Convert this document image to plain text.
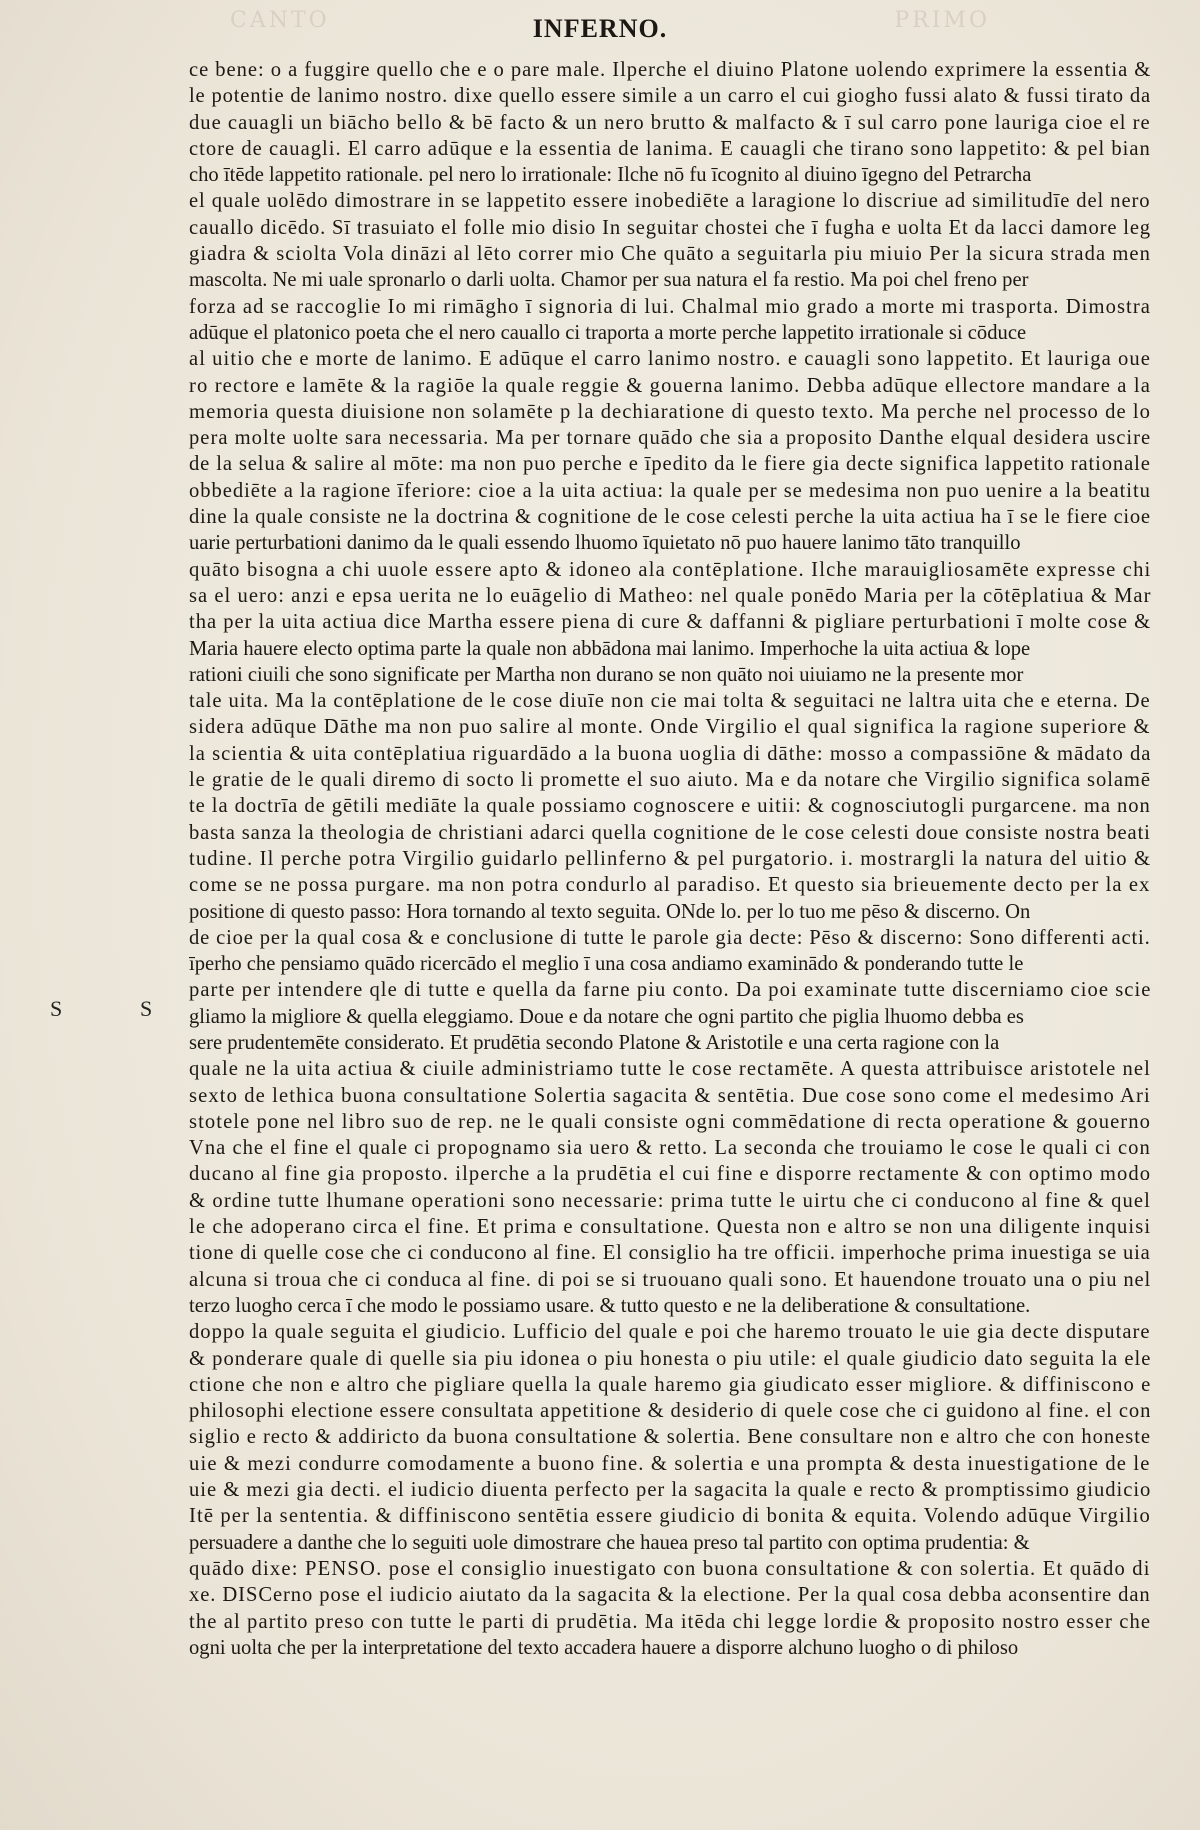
CANTO	PRIMO
INFERNO.
ce bene: o a fuggire quello che e o pare male. Ilperche el diuino Platone uolendo exprimere la essentia &
le potentie de lanimo nostro. dixe quello essere simile a un carro el cui giogho fussi alato & fussi tirato da
due cauagli un biācho bello & bē facto & un nero brutto & malfacto & ī sul carro pone lauriga cioe el re
ctore de cauagli. El carro adūque e la essentia de lanima. E cauagli che tirano sono lappetito: & pel bian
cho ītēde lappetito rationale. pel nero lo irrationale: Ilche nō fu īcognito al diuino īgegno del Petrarcha
el quale uolēdo dimostrare in se lappetito essere inobediēte a laragione lo discriue ad similitudīe del nero
cauallo dicēdo. Sī trasuiato el folle mio disio In seguitar chostei che ī fugha e uolta Et da lacci damore leg
giadra & sciolta Vola dināzi al lēto correr mio Che quāto a seguitarla piu miuio Per la sicura strada men
mascolta. Ne mi uale spronarlo o darli uolta. Chamor per sua natura el fa restio. Ma poi chel freno per
forza ad se raccoglie Io mi rimāgho ī signoria di lui. Chalmal mio grado a morte mi trasporta. Dimostra
adūque el platonico poeta che el nero cauallo ci traporta a morte perche lappetito irrationale si cōduce
al uitio che e morte de lanimo. E adūque el carro lanimo nostro. e cauagli sono lappetito. Et lauriga oue
ro rectore e lamēte & la ragiōe la quale reggie & gouerna lanimo. Debba adūque ellectore mandare a la
memoria questa diuisione non solamēte p la dechiaratione di questo texto. Ma perche nel processo de lo
pera molte uolte sara necessaria. Ma per tornare quādo che sia a proposito Danthe elqual desidera uscire
de la selua & salire al mōte: ma non puo perche e īpedito da le fiere gia decte significa lappetito rationale
obbediēte a la ragione īferiore: cioe a la uita actiua: la quale per se medesima non puo uenire a la beatitu
dine la quale consiste ne la doctrina & cognitione de le cose celesti perche la uita actiua ha ī se le fiere cioe
uarie perturbationi danimo da le quali essendo lhuomo īquietato nō puo hauere lanimo tāto tranquillo
quāto bisogna a chi uuole essere apto & idoneo ala contēplatione. Ilche marauigliosamēte expresse chi
sa el uero: anzi e epsa uerita ne lo euāgelio di Matheo: nel quale ponēdo Maria per la cōtēplatiua & Mar
tha per la uita actiua dice Martha essere piena di cure & daffanni & pigliare perturbationi ī molte cose &
Maria hauere electo optima parte la quale non abbādona mai lanimo. Imperhoche la uita actiua & lope
rationi ciuili che sono significate per Martha non durano se non quāto noi uiuiamo ne la presente mor
tale uita. Ma la contēplatione de le cose diuīe non cie mai tolta & seguitaci ne laltra uita che e eterna. De
sidera adūque Dāthe ma non puo salire al monte. Onde Virgilio el qual significa la ragione superiore &
la scientia & uita contēplatiua riguardādo a la buona uoglia di dāthe: mosso a compassiōne & mādato da
le gratie de le quali diremo di socto li promette el suo aiuto. Ma e da notare che Virgilio significa solamē
te la doctrīa de gētili mediāte la quale possiamo cognoscere e uitii: & cognosciutogli purgarcene. ma non
basta sanza la theologia de christiani adarci quella cognitione de le cose celesti doue consiste nostra beati
tudine. Il perche potra Virgilio guidarlo pellinferno & pel purgatorio. i. mostrargli la natura del uitio &
come se ne possa purgare. ma non potra condurlo al paradiso. Et questo sia brieuemente decto per la ex
positione di questo passo: Hora tornando al texto seguita. ONde lo. per lo tuo me pēso & discerno. On
de cioe per la qual cosa & e conclusione di tutte le parole gia decte: Pēso & discerno: Sono differenti acti.
īperho che pensiamo quādo ricercādo el meglio ī una cosa andiamo examinādo & ponderando tutte le
parte per intendere qle di tutte e quella da farne piu conto. Da poi examinate tutte discerniamo cioe scie
gliamo la migliore & quella eleggiamo. Doue e da notare che ogni partito che piglia lhuomo debba es
sere prudentemēte considerato. Et prudētia secondo Platone & Aristotile e una certa ragione con la
quale ne la uita actiua & ciuile administriamo tutte le cose rectamēte. A questa attribuisce aristotele nel
sexto de lethica buona consultatione Solertia sagacita & sentētia. Due cose sono come el medesimo Ari
stotele pone nel libro suo de rep. ne le quali consiste ogni commēdatione di recta operatione & gouerno
Vna che el fine el quale ci propognamo sia uero & retto. La seconda che trouiamo le cose le quali ci con
ducano al fine gia proposto. ilperche a la prudētia el cui fine e disporre rectamente & con optimo modo
& ordine tutte lhumane operationi sono necessarie: prima tutte le uirtu che ci conducono al fine & quel
le che adoperano circa el fine. Et prima e consultatione. Questa non e altro se non una diligente inquisi
tione di quelle cose che ci conducono al fine. El consiglio ha tre officii. imperhoche prima inuestiga se uia
alcuna si troua che ci conduca al fine. di poi se si truouano quali sono. Et hauendone trouato una o piu nel
terzo luogho cerca ī che modo le possiamo usare. & tutto questo e ne la deliberatione & consultatione.
doppo la quale seguita el giudicio. Lufficio del quale e poi che haremo trouato le uie gia decte disputare
& ponderare quale di quelle sia piu idonea o piu honesta o piu utile: el quale giudicio dato seguita la ele
ctione che non e altro che pigliare quella la quale haremo gia giudicato esser migliore. & diffiniscono e
philosophi electione essere consultata appetitione & desiderio di quele cose che ci guidono al fine. el con
siglio e recto & addiricto da buona consultatione & solertia. Bene consultare non e altro che con honeste
uie & mezi condurre comodamente a buono fine. & solertia e una prompta & desta inuestigatione de le
uie & mezi gia decti. el iudicio diuenta perfecto per la sagacita la quale e recto & promptissimo giudicio
Itē per la sententia. & diffiniscono sentētia essere giudicio di bonita & equita. Volendo adūque Virgilio
persuadere a danthe che lo seguiti uole dimostrare che hauea preso tal partito con optima prudentia: &
quādo dixe: PENSO. pose el consiglio inuestigato con buona consultatione & con solertia. Et quādo di
xe. DISCerno pose el iudicio aiutato da la sagacita & la electione. Per la qual cosa debba aconsentire dan
the al partito preso con tutte le parti di prudētia. Ma itēda chi legge lordie & proposito nostro esser che
ogni uolta che per la interpretatione del texto accadera hauere a disporre alchuno luogho o di philoso
S	S
